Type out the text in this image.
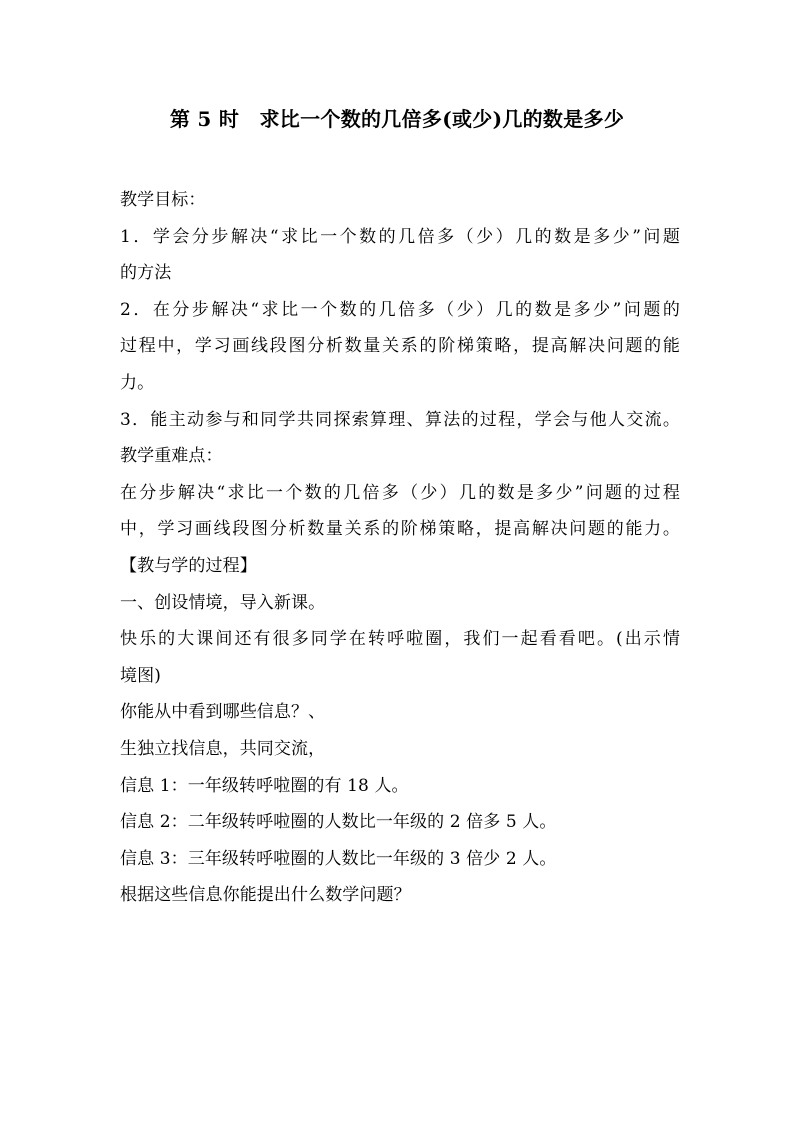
第 5 时　求比一个数的几倍多(或少)几的数是多少
教学目标：
1．学会分步解决“求比一个数的几倍多（少）几的数是多少”问题
的方法
2．在分步解决“求比一个数的几倍多（少）几的数是多少”问题的
过程中，学习画线段图分析数量关系的阶梯策略，提高解决问题的能
力。
3．能主动参与和同学共同探索算理、算法的过程，学会与他人交流。
教学重难点：
在分步解决“求比一个数的几倍多（少）几的数是多少”问题的过程
中，学习画线段图分析数量关系的阶梯策略，提高解决问题的能力。
【教与学的过程】
一、创设情境，导入新课。
快乐的大课间还有很多同学在转呼啦圈，我们一起看看吧。(出示情
境图)
你能从中看到哪些信息？、
生独立找信息，共同交流，
信息 1：一年级转呼啦圈的有 18 人。
信息 2：二年级转呼啦圈的人数比一年级的 2 倍多 5 人。
信息 3：三年级转呼啦圈的人数比一年级的 3 倍少 2 人。
根据这些信息你能提出什么数学问题？
